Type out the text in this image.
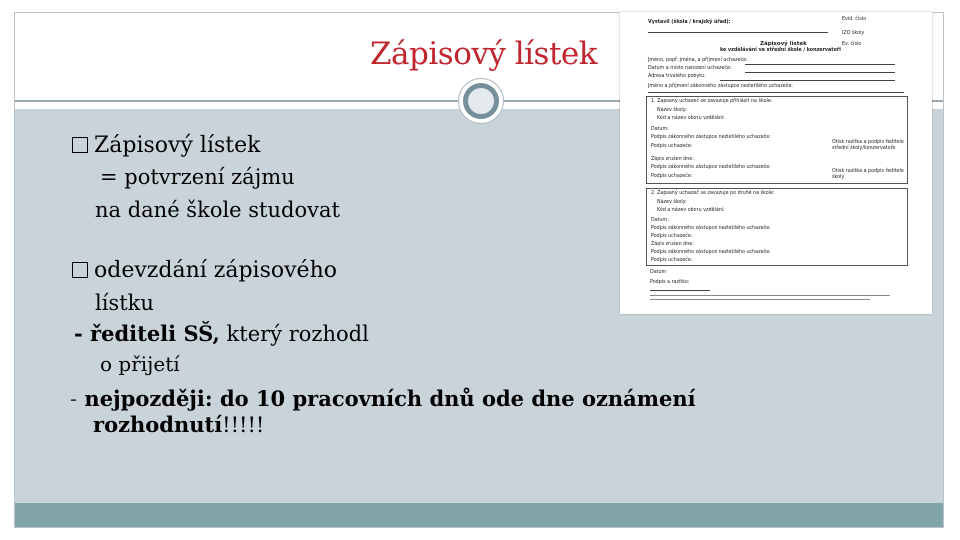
Zápisový lístek
Vystavil (škola / krajský úřad):
Evid. číslo
IZO školy
Zápisový lístek
ke vzdělávání ve střední škole / konzervatoři
Ev. číslo
Jméno, popř. jména, a příjmení uchazeče:
Datum a místo narození uchazeče:
Adresa trvalého pobytu:
Jméno a příjmení zákonného zástupce nezletilého uchazeče:
1. Zapsaný uchazeč se zavazuje přihlásit na škole:
Název školy:
Kód a název oboru vzdělání:
Datum:
Podpis zákonného zástupce nezletilého uchazeče:
Podpis uchazeče:
Otisk razítka a podpis ředitele střední školy/konzervatoře
Zápis zrušen dne:
Podpis zákonného zástupce nezletilého uchazeče:
Podpis uchazeče:
Otisk razítka a podpis ředitele školy
2. Zapsaný uchazeč se zavazuje po druhé na škole:
Název školy:
Kód a název oboru vzdělání:
Datum:
Podpis zákonného zástupce nezletilého uchazeče:
Podpis uchazeče:
Zápis zrušen dne:
Podpis zákonného zástupce nezletilého uchazeče:
Podpis uchazeče:
Datum
Podpis a razítko:
Zápisový lístek
= potvrzení zájmu
na dané škole studovat
odevzdání zápisového
lístku
- řediteli SŠ, který rozhodl
o přijetí
- nejpozději: do 10 pracovních dnů ode dne oznámení
rozhodnutí!!!!!
